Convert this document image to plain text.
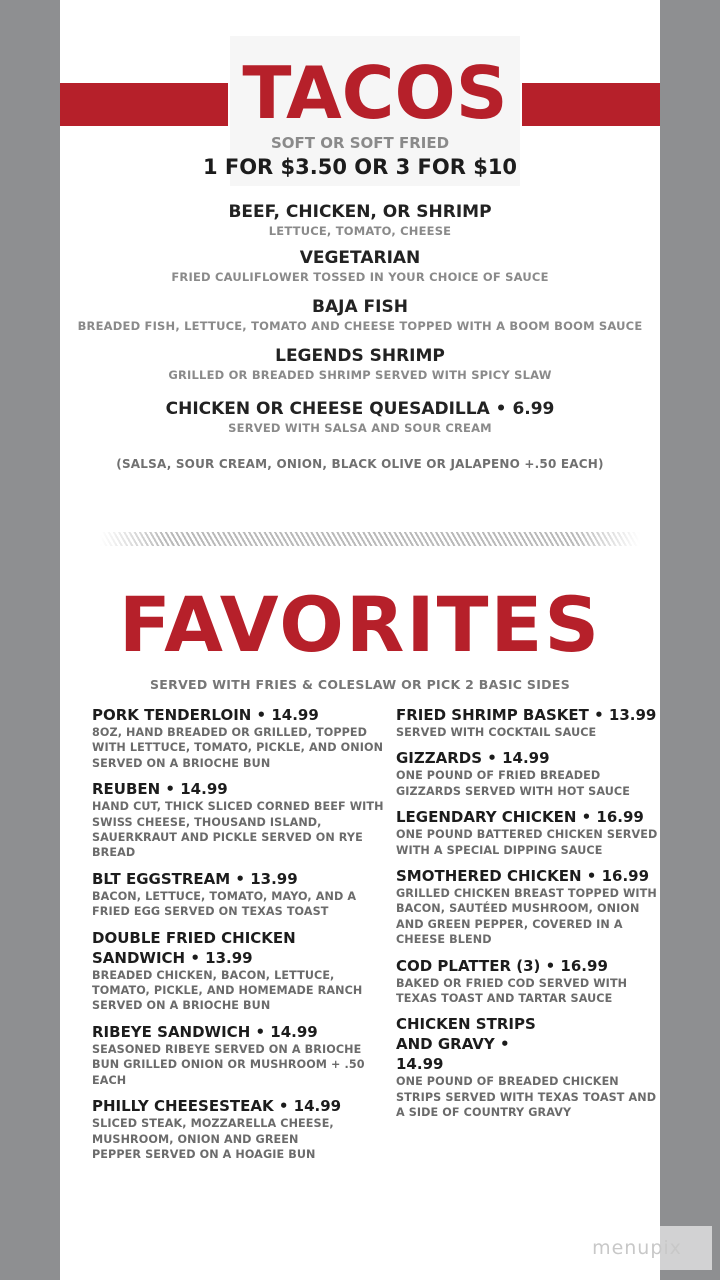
TACOS
SOFT OR SOFT FRIED
1 FOR $3.50 OR 3 FOR $10
BEEF, CHICKEN, OR SHRIMP
LETTUCE, TOMATO, CHEESE
VEGETARIAN
FRIED CAULIFLOWER TOSSED IN YOUR CHOICE OF SAUCE
BAJA FISH
BREADED FISH, LETTUCE, TOMATO AND CHEESE TOPPED WITH A BOOM BOOM SAUCE
LEGENDS SHRIMP
GRILLED OR BREADED SHRIMP SERVED WITH SPICY SLAW
CHICKEN OR CHEESE QUESADILLA • 6.99
SERVED WITH SALSA AND SOUR CREAM
(SALSA, SOUR CREAM, ONION, BLACK OLIVE OR JALAPENO +.50 EACH)
FAVORITES
SERVED WITH FRIES & COLESLAW OR PICK 2 BASIC SIDES
PORK TENDERLOIN • 14.99
8OZ, HAND BREADED OR GRILLED, TOPPED WITH LETTUCE, TOMATO, PICKLE, AND ONION SERVED ON A BRIOCHE BUN
REUBEN • 14.99
HAND CUT, THICK SLICED CORNED BEEF WITH SWISS CHEESE, THOUSAND ISLAND, SAUERKRAUT AND PICKLE SERVED ON RYE BREAD
BLT EGGSTREAM • 13.99
BACON, LETTUCE, TOMATO, MAYO, AND A FRIED EGG SERVED ON TEXAS TOAST
DOUBLE FRIED CHICKEN SANDWICH • 13.99
BREADED CHICKEN, BACON, LETTUCE, TOMATO, PICKLE, AND HOMEMADE RANCH SERVED ON A BRIOCHE BUN
RIBEYE SANDWICH • 14.99
SEASONED RIBEYE SERVED ON A BRIOCHE BUN GRILLED ONION OR MUSHROOM + .50 EACH
PHILLY CHEESESTEAK • 14.99
SLICED STEAK, MOZZARELLA CHEESE, MUSHROOM, ONION AND GREEN PEPPER SERVED ON A HOAGIE BUN
FRIED SHRIMP BASKET • 13.99
SERVED WITH COCKTAIL SAUCE
GIZZARDS • 14.99
ONE POUND OF FRIED BREADED GIZZARDS SERVED WITH HOT SAUCE
LEGENDARY CHICKEN • 16.99
ONE POUND BATTERED CHICKEN SERVED WITH A SPECIAL DIPPING SAUCE
SMOTHERED CHICKEN • 16.99
GRILLED CHICKEN BREAST TOPPED WITH BACON, SAUTÉED MUSHROOM, ONION AND GREEN PEPPER, COVERED IN A CHEESE BLEND
COD PLATTER (3) • 16.99
BAKED OR FRIED COD SERVED WITH TEXAS TOAST AND TARTAR SAUCE
CHICKEN STRIPS AND GRAVY • 14.99
ONE POUND OF BREADED CHICKEN STRIPS SERVED WITH TEXAS TOAST AND A SIDE OF COUNTRY GRAVY
menupix
